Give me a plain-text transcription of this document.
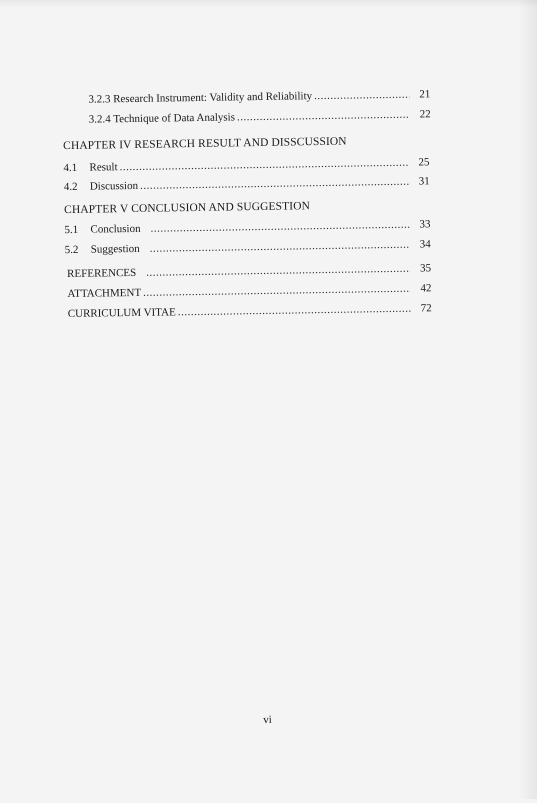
3.2.3 Research Instrument: Validity and Reliability .....	21
3.2.4 Technique of Data Analysis .....	22
CHAPTER IV RESEARCH RESULT AND DISSCUSSION
4.1 Result .....	25
4.2 Discussion .....	31
CHAPTER V CONCLUSION AND SUGGESTION
5.1 Conclusion .....	33
5.2 Suggestion .....	34
REFERENCES .....	35
ATTACHMENT .....	42
CURRICULUM VITAE .....	72
vi
